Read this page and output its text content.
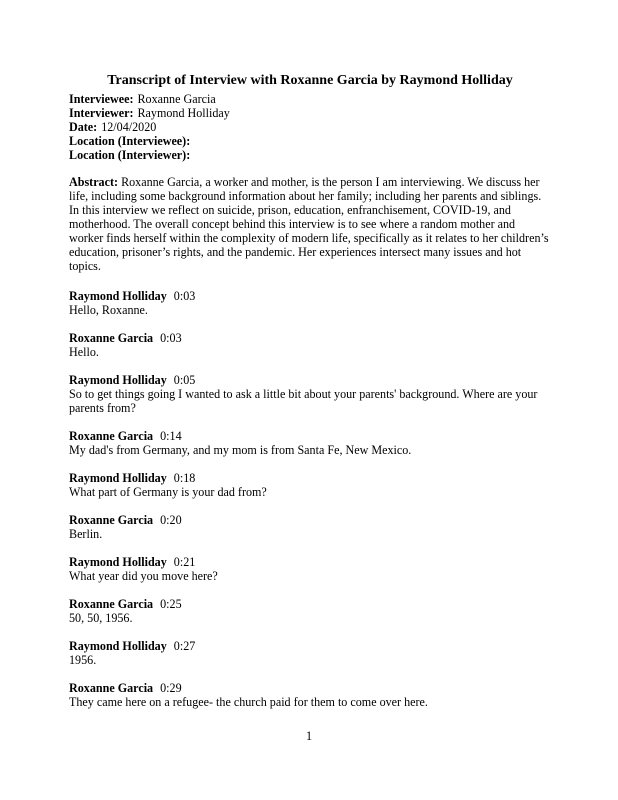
Transcript of Interview with Roxanne Garcia by Raymond Holliday
Interviewee: Roxanne Garcia
Interviewer: Raymond Holliday
Date: 12/04/2020
Location (Interviewee):
Location (Interviewer):

Abstract: Roxanne Garcia, a worker and mother, is the person I am interviewing. We discuss her life, including some background information about her family; including her parents and siblings. In this interview we reflect on suicide, prison, education, enfranchisement, COVID-19, and motherhood. The overall concept behind this interview is to see where a random mother and worker finds herself within the complexity of modern life, specifically as it relates to her children’s education, prisoner’s rights, and the pandemic. Her experiences intersect many issues and hot topics.

Raymond Holliday 0:03
Hello, Roxanne.
Roxanne Garcia 0:03
Hello.
Raymond Holliday 0:05
So to get things going I wanted to ask a little bit about your parents' background. Where are your parents from?
Roxanne Garcia 0:14
My dad's from Germany, and my mom is from Santa Fe, New Mexico.
Raymond Holliday 0:18
What part of Germany is your dad from?
Roxanne Garcia 0:20
Berlin.
Raymond Holliday 0:21
What year did you move here?
Roxanne Garcia 0:25
50, 50, 1956.
Raymond Holliday 0:27
1956.
Roxanne Garcia 0:29
They came here on a refugee- the church paid for them to come over here.
1
